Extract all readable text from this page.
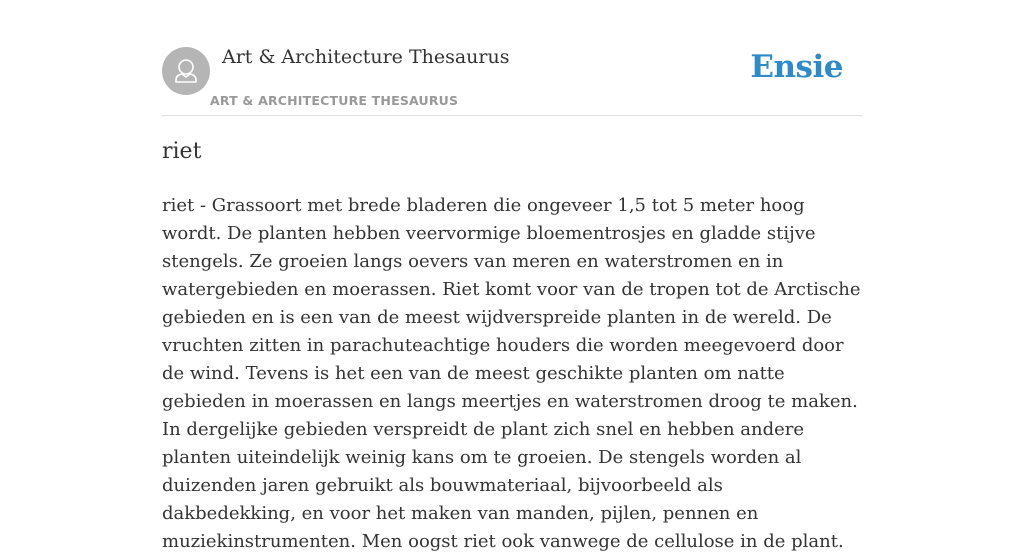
Art & Architecture Thesaurus
ART & ARCHITECTURE THESAURUS
Ensie
riet

riet - Grassoort met brede bladeren die ongeveer 1,5 tot 5 meter hoog wordt. De planten hebben veervormige bloementrosjes en gladde stijve stengels. Ze groeien langs oevers van meren en waterstromen en in watergebieden en moerassen. Riet komt voor van de tropen tot de Arctische gebieden en is een van de meest wijdverspreide planten in de wereld. De vruchten zitten in parachuteachtige houders die worden meegevoerd door de wind. Tevens is het een van de meest geschikte planten om natte gebieden in moerassen en langs meertjes en waterstromen droog te maken. In dergelijke gebieden verspreidt de plant zich snel en hebben andere planten uiteindelijk weinig kans om te groeien. De stengels worden al duizenden jaren gebruikt als bouwmateriaal, bijvoorbeeld als dakbedekking, en voor het maken van manden, pijlen, pennen en muziekinstrumenten. Men oogst riet ook vanwege de cellulose in de plant.
